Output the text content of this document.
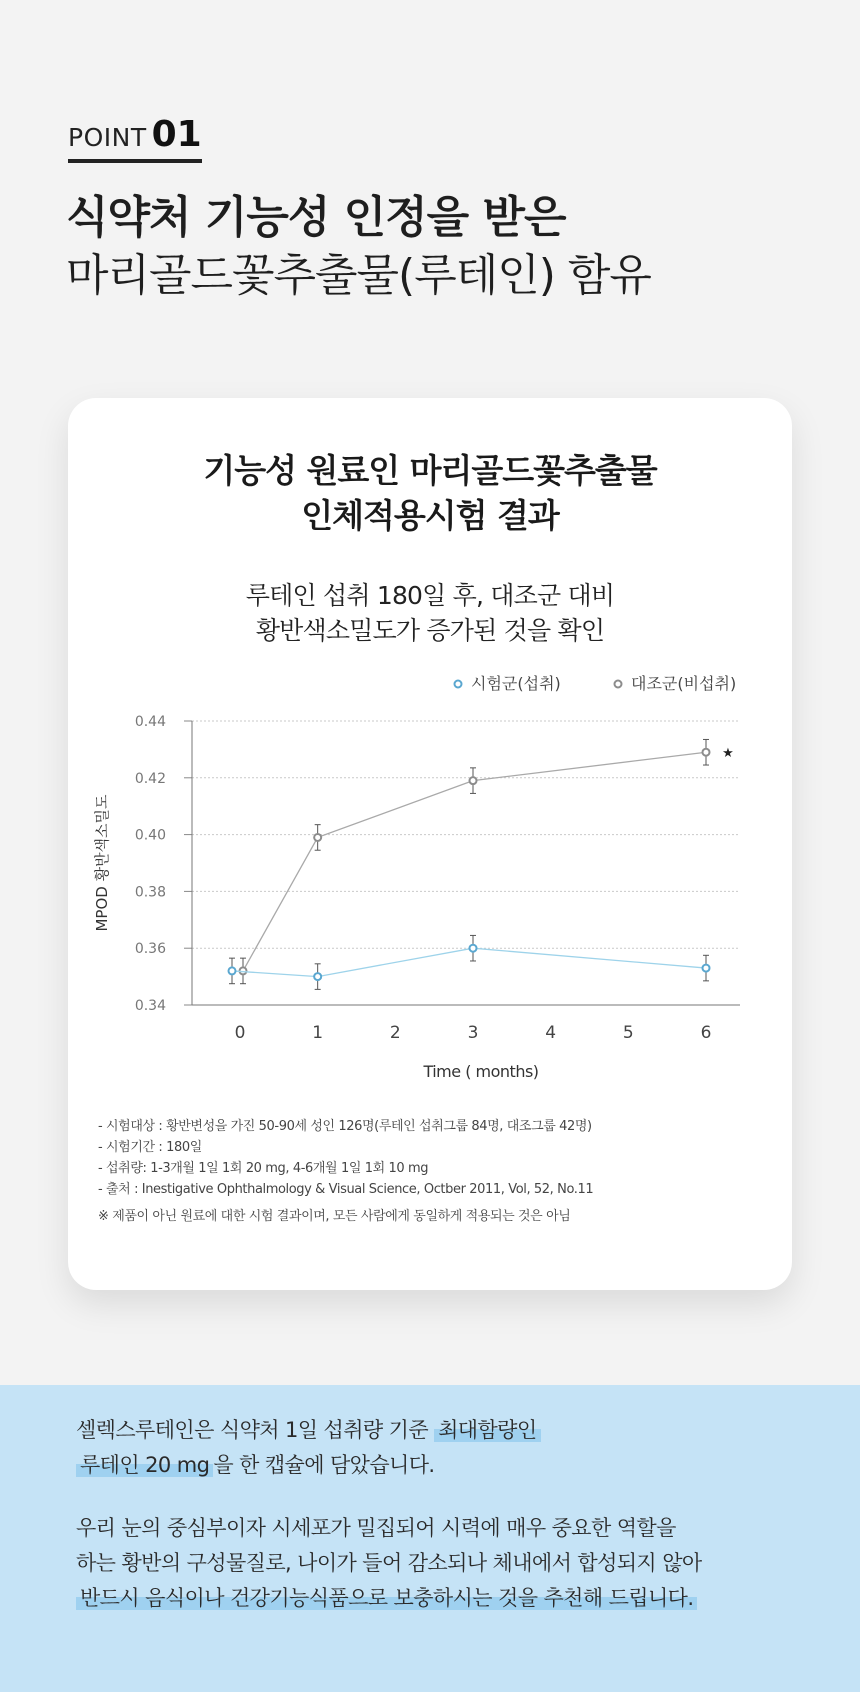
POINT 01
식약처 기능성 인정을 받은
마리골드꽃추출물(루테인) 함유
기능성 원료인 마리골드꽃추출물
인체적용시험 결과
루테인 섭취 180일 후, 대조군 대비
황반색소밀도가 증가된 것을 확인
0.44
0.42
0.40
0.38
0.36
0.34
0	1	2	3	4	5	6
Time ( months)
MPOD 황반색소밀도
시험군(섭취)	대조군(비섭취)
★
- 시험대상 : 황반변성을 가진 50-90세 성인 126명(루테인 섭취그룹 84명, 대조그룹 42명)
- 시험기간 : 180일
- 섭취량: 1-3개월 1일 1회 20 mg, 4-6개월 1일 1회 10 mg
- 출처 : Inestigative Ophthalmology & Visual Science, Octber 2011, Vol, 52, No.11
※ 제품이 아닌 원료에 대한 시험 결과이며, 모든 사람에게 동일하게 적용되는 것은 아님
셀렉스루테인은 식약처 1일 섭취량 기준 최대함량인
루테인 20 mg 을 한 캡슐에 담았습니다.
우리 눈의 중심부이자 시세포가 밀집되어 시력에 매우 중요한 역할을
하는 황반의 구성물질로, 나이가 들어 감소되나 체내에서 합성되지 않아
반드시 음식이나 건강기능식품으로 보충하시는 것을 추천해 드립니다.
